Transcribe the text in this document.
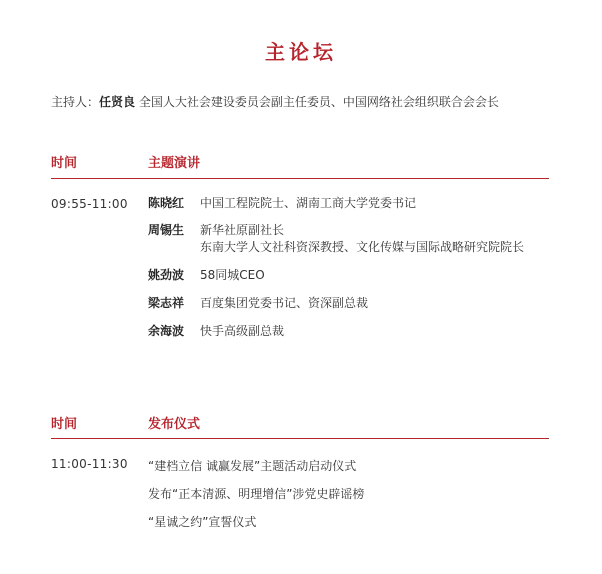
主论坛
主持人：任贤良 全国人大社会建设委员会副主任委员、中国网络社会组织联合会会长
时间	主题演讲
09:55-11:00 陈晓红 中国工程院院士、湖南工商大学党委书记
周锡生 新华社原副社长
东南大学人文社科资深教授、文化传媒与国际战略研究院院长
姚劲波 58同城CEO
梁志祥 百度集团党委书记、资深副总裁
余海波 快手高级副总裁
时间	发布仪式
11:00-11:30 “建档立信 诚赢发展”主题活动启动仪式
发布“正本清源、明理增信”涉党史辟谣榜
“星诚之约”宣誓仪式
